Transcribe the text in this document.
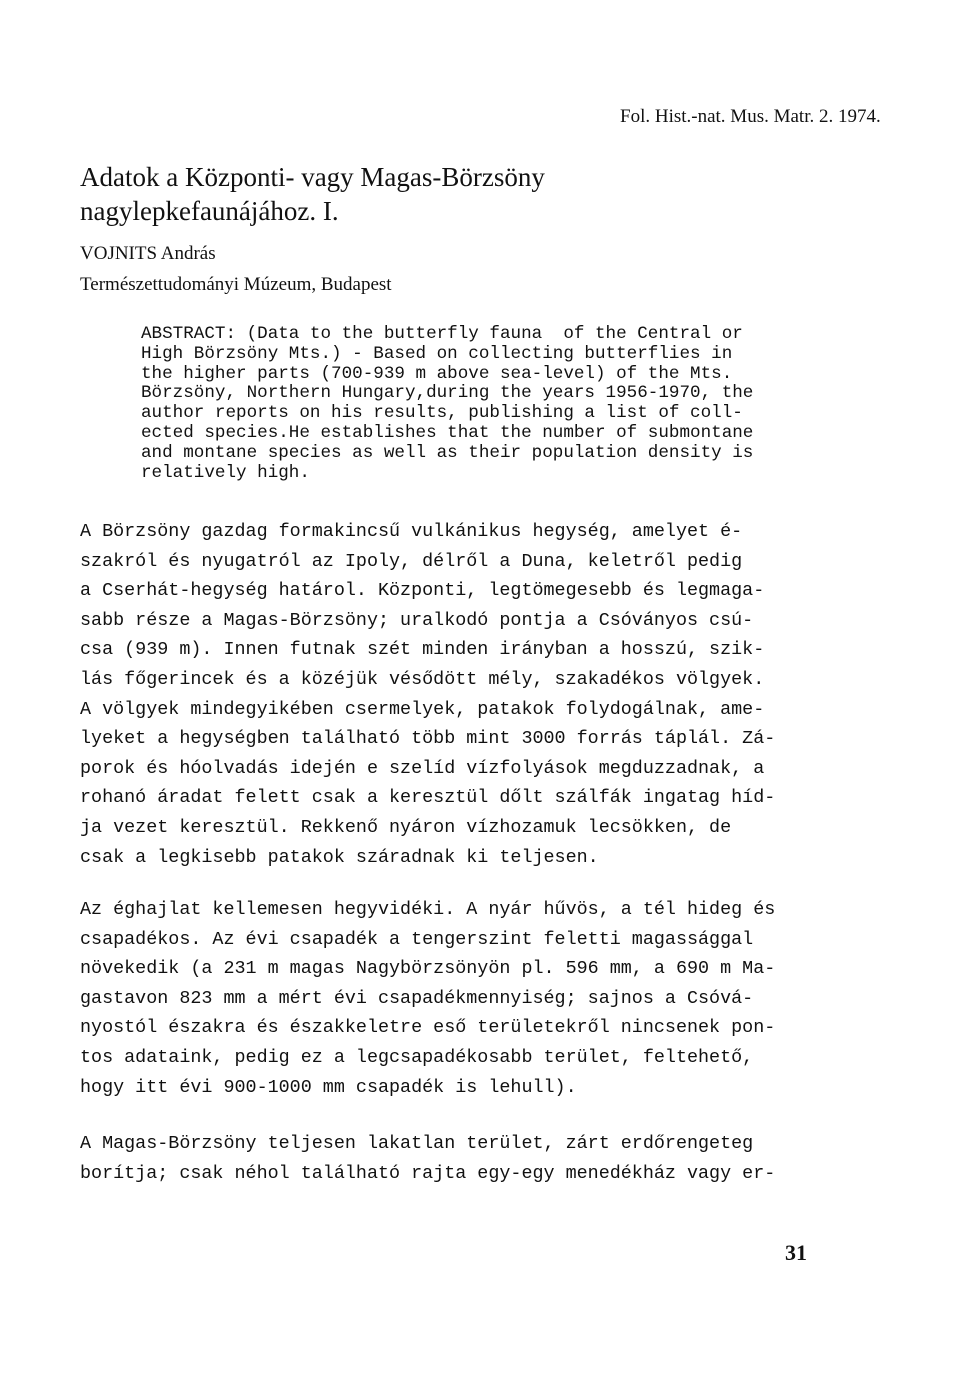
Fol. Hist.-nat. Mus. Matr. 2. 1974.
Adatok a Központi- vagy Magas-Börzsöny
nagylepkefaunájához. I.
VOJNITS András
Természettudományi Múzeum, Budapest
ABSTRACT: (Data to the butterfly fauna  of the Central or
High Börzsöny Mts.) - Based on collecting butterflies in
the higher parts (700-939 m above sea-level) of the Mts.
Börzsöny, Northern Hungary,during the years 1956-1970, the
author reports on his results, publishing a list of coll-
ected species.He establishes that the number of submontane
and montane species as well as their population density is
relatively high.
A Börzsöny gazdag formakincsű vulkánikus hegység, amelyet é-
szakról és nyugatról az Ipoly, délről a Duna, keletről pedig
a Cserhát-hegység határol. Központi, legtömegesebb és legmaga-
sabb része a Magas-Börzsöny; uralkodó pontja a Csóványos csú-
csa (939 m). Innen futnak szét minden irányban a hosszú, szik-
lás főgerincek és a közéjük vésődött mély, szakadékos völgyek.
A völgyek mindegyikében csermelyek, patakok folydogálnak, ame-
lyeket a hegységben található több mint 3000 forrás táplál. Zá-
porok és hóolvadás idején e szelíd vízfolyások megduzzadnak, a
rohanó áradat felett csak a keresztül dőlt szálfák ingatag híd-
ja vezet keresztül. Rekkenő nyáron vízhozamuk lecsökken, de
csak a legkisebb patakok száradnak ki teljesen.
Az éghajlat kellemesen hegyvidéki. A nyár hűvös, a tél hideg és
csapadékos. Az évi csapadék a tengerszint feletti magassággal
növekedik (a 231 m magas Nagybörzsönyön pl. 596 mm, a 690 m Ma-
gastavon 823 mm a mért évi csapadékmennyiség; sajnos a Csóvá-
nyostól északra és északkeletre eső területekről nincsenek pon-
tos adataink, pedig ez a legcsapadékosabb terület, feltehető,
hogy itt évi 900-1000 mm csapadék is lehull).
A Magas-Börzsöny teljesen lakatlan terület, zárt erdőrengeteg
borítja; csak néhol található rajta egy-egy menedékház vagy er-
31
